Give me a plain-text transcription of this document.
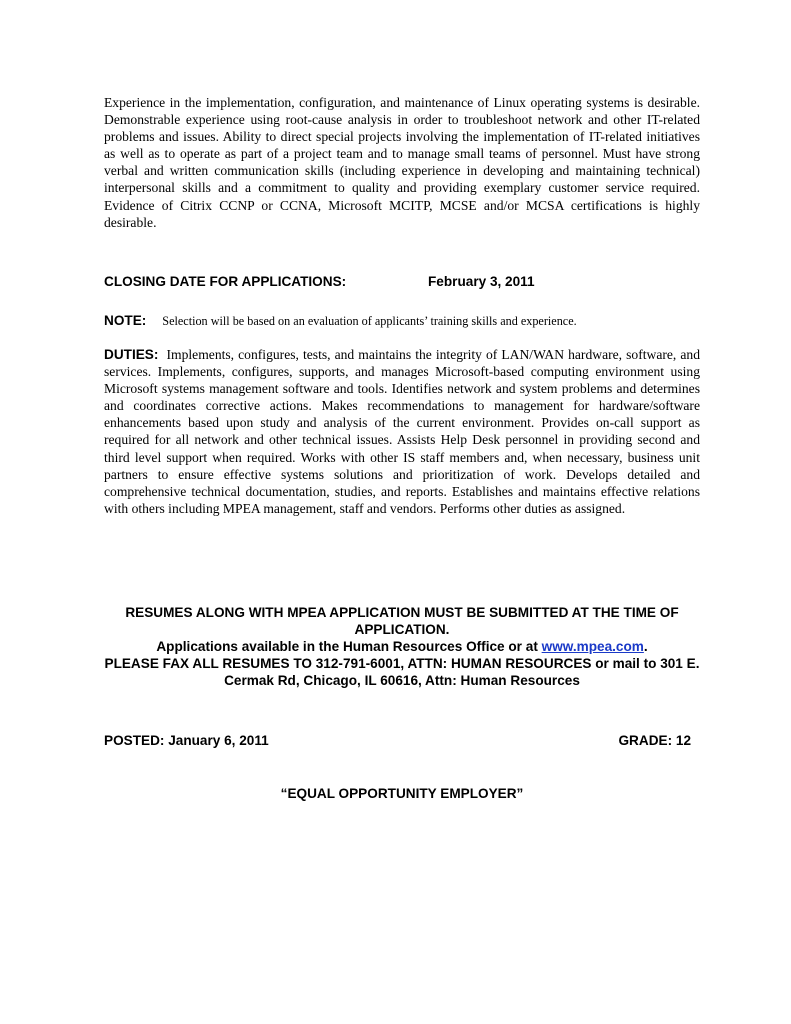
Experience in the implementation, configuration, and maintenance of Linux operating systems is desirable. Demonstrable experience using root-cause analysis in order to troubleshoot network and other IT-related problems and issues. Ability to direct special projects involving the implementation of IT-related initiatives as well as to operate as part of a project team and to manage small teams of personnel. Must have strong verbal and written communication skills (including experience in developing and maintaining technical) interpersonal skills and a commitment to quality and providing exemplary customer service required. Evidence of Citrix CCNP or CCNA, Microsoft MCITP, MCSE and/or MCSA certifications is highly desirable.
CLOSING DATE FOR APPLICATIONS:	February 3, 2011
NOTE: Selection will be based on an evaluation of applicants’ training skills and experience.
DUTIES: Implements, configures, tests, and maintains the integrity of LAN/WAN hardware, software, and services. Implements, configures, supports, and manages Microsoft-based computing environment using Microsoft systems management software and tools. Identifies network and system problems and determines and coordinates corrective actions. Makes recommendations to management for hardware/software enhancements based upon study and analysis of the current environment. Provides on-call support as required for all network and other technical issues. Assists Help Desk personnel in providing second and third level support when required. Works with other IS staff members and, when necessary, business unit partners to ensure effective systems solutions and prioritization of work. Develops detailed and comprehensive technical documentation, studies, and reports. Establishes and maintains effective relations with others including MPEA management, staff and vendors. Performs other duties as assigned.
RESUMES ALONG WITH MPEA APPLICATION MUST BE SUBMITTED AT THE TIME OF APPLICATION.
Applications available in the Human Resources Office or at www.mpea.com.
PLEASE FAX ALL RESUMES TO 312-791-6001, ATTN: HUMAN RESOURCES or mail to 301 E. Cermak Rd, Chicago, IL 60616, Attn: Human Resources
POSTED: January 6, 2011	GRADE: 12
“EQUAL OPPORTUNITY EMPLOYER”
